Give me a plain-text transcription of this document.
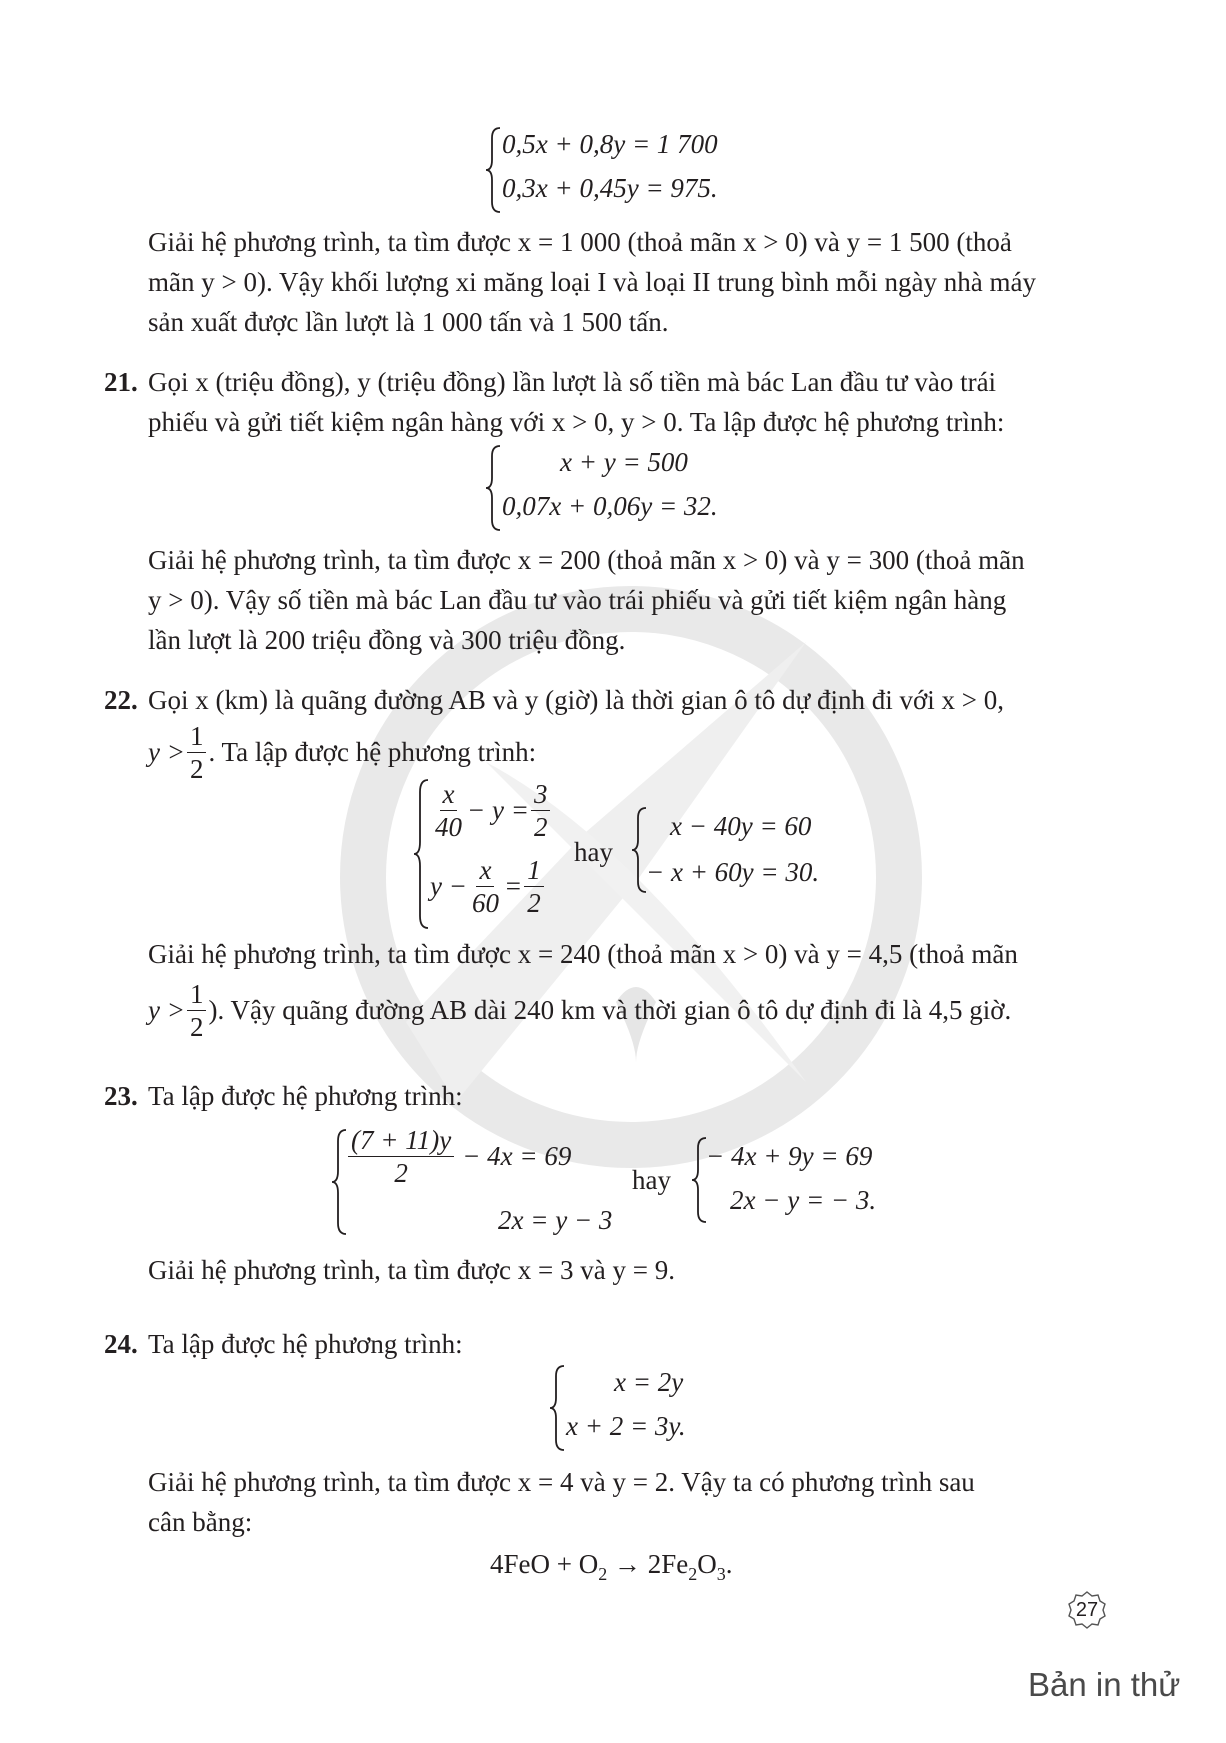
0,5x + 0,8y = 1 700
0,3x + 0,45y = 975.
Giải hệ phương trình, ta tìm được x = 1 000 (thoả mãn x > 0) và y = 1 500 (thoả
mãn y > 0). Vậy khối lượng xi măng loại I và loại II trung bình mỗi ngày nhà máy
sản xuất được lần lượt là 1 000 tấn và 1 500 tấn.
21. Gọi x (triệu đồng), y (triệu đồng) lần lượt là số tiền mà bác Lan đầu tư vào trái
phiếu và gửi tiết kiệm ngân hàng với x > 0, y > 0. Ta lập được hệ phương trình:
x + y = 500
0,07x + 0,06y = 32.
Giải hệ phương trình, ta tìm được x = 200 (thoả mãn x > 0) và y = 300 (thoả mãn
y > 0). Vậy số tiền mà bác Lan đầu tư vào trái phiếu và gửi tiết kiệm ngân hàng
lần lượt là 200 triệu đồng và 300 triệu đồng.
22. Gọi x (km) là quãng đường AB và y (giờ) là thời gian ô tô dự định đi với x > 0,
$y > \frac{1}{2}$ . Ta lập được hệ phương trình:
$\frac{x}{40} - y = \frac{3}{2}$
$y - \frac{x}{60} = \frac{1}{2}$
hay
x − 40y = 60
− x + 60y = 30.
Giải hệ phương trình, ta tìm được x = 240 (thoả mãn x > 0) và y = 4,5 (thoả mãn
$y > \frac{1}{2}$ ). Vậy quãng đường AB dài 240 km và thời gian ô tô dự định đi là 4,5 giờ.
23. Ta lập được hệ phương trình:
$\frac{(7 + 11)y}{2} - 4x = 69$
2x = y − 3
hay
− 4x + 9y = 69
2x − y = − 3.
Giải hệ phương trình, ta tìm được x = 3 và y = 9.
24. Ta lập được hệ phương trình:
x = 2y
x + 2 = 3y.
Giải hệ phương trình, ta tìm được x = 4 và y = 2. Vậy ta có phương trình sau
cân bằng:
$4FeO + O_2 \to 2Fe_2O_3$.
27
Bản in thử
